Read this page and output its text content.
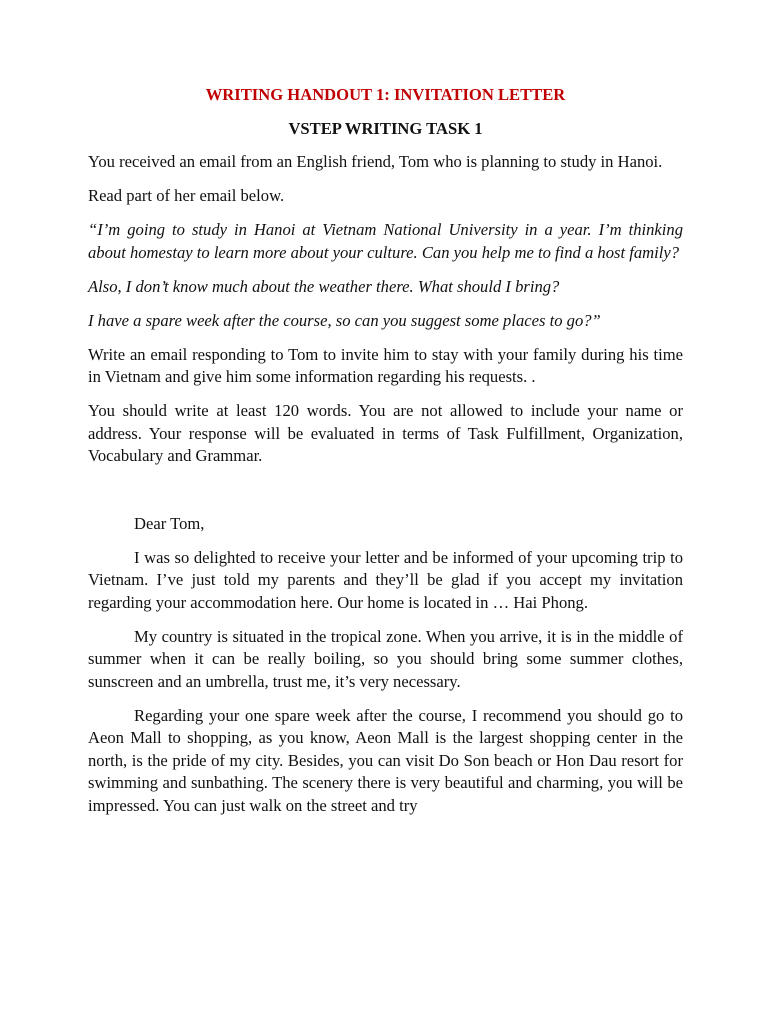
WRITING HANDOUT 1: INVITATION LETTER
VSTEP WRITING TASK 1

You received an email from an English friend, Tom who is planning to study in Hanoi.

Read part of her email below.

“I’m going to study in Hanoi at Vietnam National University in a year. I’m thinking about homestay to learn more about your culture. Can you help me to find a host family?

Also, I don’t know much about the weather there. What should I bring?

I have a spare week after the course, so can you suggest some places to go?”

Write an email responding to Tom to invite him to stay with your family during his time in Vietnam and give him some information regarding his requests. .

You should write at least 120 words. You are not allowed to include your name or address. Your response will be evaluated in terms of Task Fulfillment, Organization, Vocabulary and Grammar.

Dear Tom,

I was so delighted to receive your letter and be informed of your upcoming trip to Vietnam. I’ve just told my parents and they’ll be glad if you accept my invitation regarding your accommodation here. Our home is located in … Hai Phong.

My country is situated in the tropical zone. When you arrive, it is in the middle of summer when it can be really boiling, so you should bring some summer clothes, sunscreen and an umbrella, trust me, it’s very necessary.

Regarding your one spare week after the course, I recommend you should go to Aeon Mall to shopping, as you know, Aeon Mall is the largest shopping center in the north, is the pride of my city. Besides, you can visit Do Son beach or Hon Dau resort for swimming and sunbathing. The scenery there is very beautiful and charming, you will be impressed. You can just walk on the street and try
